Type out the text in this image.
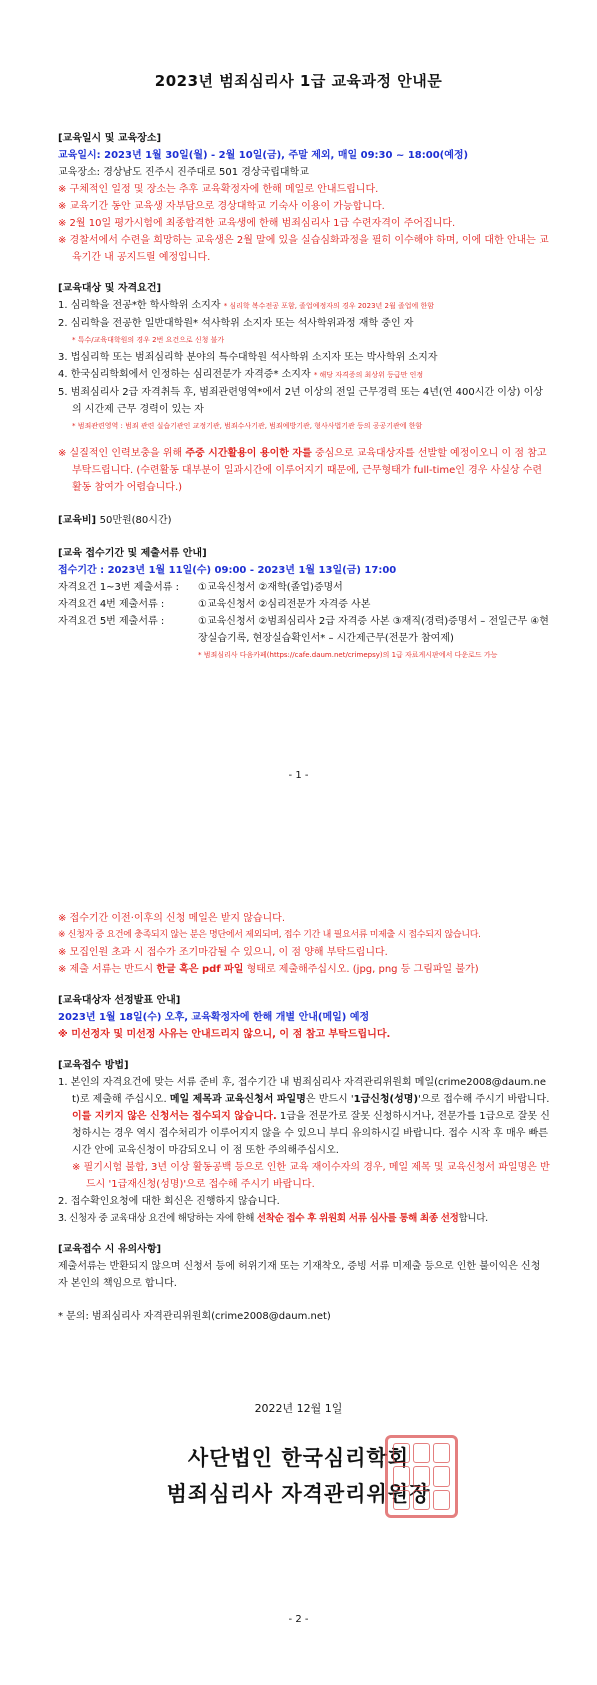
2023년 범죄심리사 1급 교육과정 안내문
[교육일시 및 교육장소]
교육일시: 2023년 1월 30일(월) - 2월 10일(금), 주말 제외, 매일 09:30 ~ 18:00(예정)
교육장소: 경상남도 진주시 진주대로 501 경상국립대학교
※ 구체적인 일정 및 장소는 추후 교육확정자에 한해 메일로 안내드립니다.
※ 교육기간 동안 교육생 자부담으로 경상대학교 기숙사 이용이 가능합니다.
※ 2월 10일 평가시험에 최종합격한 교육생에 한해 범죄심리사 1급 수련자격이 주어집니다.
※ 경찰서에서 수련을 희망하는 교육생은 2월 말에 있을 실습심화과정을 필히 이수해야 하며, 이에 대한 안내는 교육기간 내 공지드릴 예정입니다.
[교육대상 및 자격요건]
1. 심리학을 전공*한 학사학위 소지자 * 심리학 복수전공 포함, 졸업예정자의 경우 2023년 2월 졸업에 한함
2. 심리학을 전공한 일반대학원* 석사학위 소지자 또는 석사학위과정 재학 중인 자
* 특수/교육대학원의 경우 2번 요건으로 신청 불가
3. 법심리학 또는 범죄심리학 분야의 특수대학원 석사학위 소지자 또는 박사학위 소지자
4. 한국심리학회에서 인정하는 심리전문가 자격증* 소지자 * 해당 자격증의 최상위 등급만 인정
5. 범죄심리사 2급 자격취득 후, 범죄관련영역*에서 2년 이상의 전일 근무경력 또는 4년(연 400시간 이상) 이상의 시간제 근무 경력이 있는 자
* 범죄관련영역 : 범죄 관련 실습기관인 교정기관, 범죄수사기관, 범죄예방기관, 형사사법기관 등의 공공기관에 한함
※ 실질적인 인력보충을 위해 주중 시간활용이 용이한 자를 중심으로 교육대상자를 선발할 예정이오니 이 점 참고 부탁드립니다. (수련활동 대부분이 일과시간에 이루어지기 때문에, 근무형태가 full-time인 경우 사실상 수련활동 참여가 어렵습니다.)
[교육비] 50만원(80시간)
[교육 접수기간 및 제출서류 안내]
접수기간 : 2023년 1월 11일(수) 09:00 - 2023년 1월 13일(금) 17:00
자격요건 1~3번 제출서류 :	①교육신청서 ②재학(졸업)증명서
자격요건 4번 제출서류 :	①교육신청서 ②심리전문가 자격증 사본
자격요건 5번 제출서류 :	①교육신청서 ②범죄심리사 2급 자격증 사본 ③재직(경력)증명서 – 전일근무 ④현장실습기록, 현장실습확인서* – 시간제근무(전문가 참여제)
* 범죄심리사 다음카페(https://cafe.daum.net/crimepsy)의 1급 자료게시판에서 다운로드 가능
- 1 -
※ 접수기간 이전·이후의 신청 메일은 받지 않습니다.
※ 신청자 중 요건에 충족되지 않는 분은 명단에서 제외되며, 접수 기간 내 필요서류 미제출 시 접수되지 않습니다.
※ 모집인원 초과 시 접수가 조기마감될 수 있으니, 이 점 양해 부탁드립니다.
※ 제출 서류는 반드시 한글 혹은 pdf 파일 형태로 제출해주십시오. (jpg, png 등 그림파일 불가)
[교육대상자 선정발표 안내]
2023년 1월 18일(수) 오후, 교육확정자에 한해 개별 안내(메일) 예정
※ 미선정자 및 미선정 사유는 안내드리지 않으니, 이 점 참고 부탁드립니다.
[교육접수 방법]
1. 본인의 자격요건에 맞는 서류 준비 후, 접수기간 내 범죄심리사 자격관리위원회 메일(crime2008@daum.net)로 제출해 주십시오. 메일 제목과 교육신청서 파일명은 반드시 '1급신청(성명)'으로 접수해 주시기 바랍니다. 이를 지키지 않은 신청서는 접수되지 않습니다. 1급을 전문가로 잘못 신청하시거나, 전문가를 1급으로 잘못 신청하시는 경우 역시 접수처리가 이루어지지 않을 수 있으니 부디 유의하시길 바랍니다. 접수 시작 후 매우 빠른 시간 안에 교육신청이 마감되오니 이 점 또한 주의해주십시오.
※ 필기시험 불합, 3년 이상 활동공백 등으로 인한 교육 재이수자의 경우, 메일 제목 및 교육신청서 파일명은 반드시 '1급재신청(성명)'으로 접수해 주시기 바랍니다.
2. 접수확인요청에 대한 회신은 진행하지 않습니다.
3. 신청자 중 교육대상 요건에 해당하는 자에 한해 선착순 접수 후 위원회 서류 심사를 통해 최종 선정합니다.
[교육접수 시 유의사항]
제출서류는 반환되지 않으며 신청서 등에 허위기재 또는 기재착오, 증빙 서류 미제출 등으로 인한 불이익은 신청자 본인의 책임으로 합니다.
* 문의: 범죄심리사 자격관리위원회(crime2008@daum.net)
2022년 12월 1일
사단법인 한국심리학회
범죄심리사 자격관리위원장
- 2 -
